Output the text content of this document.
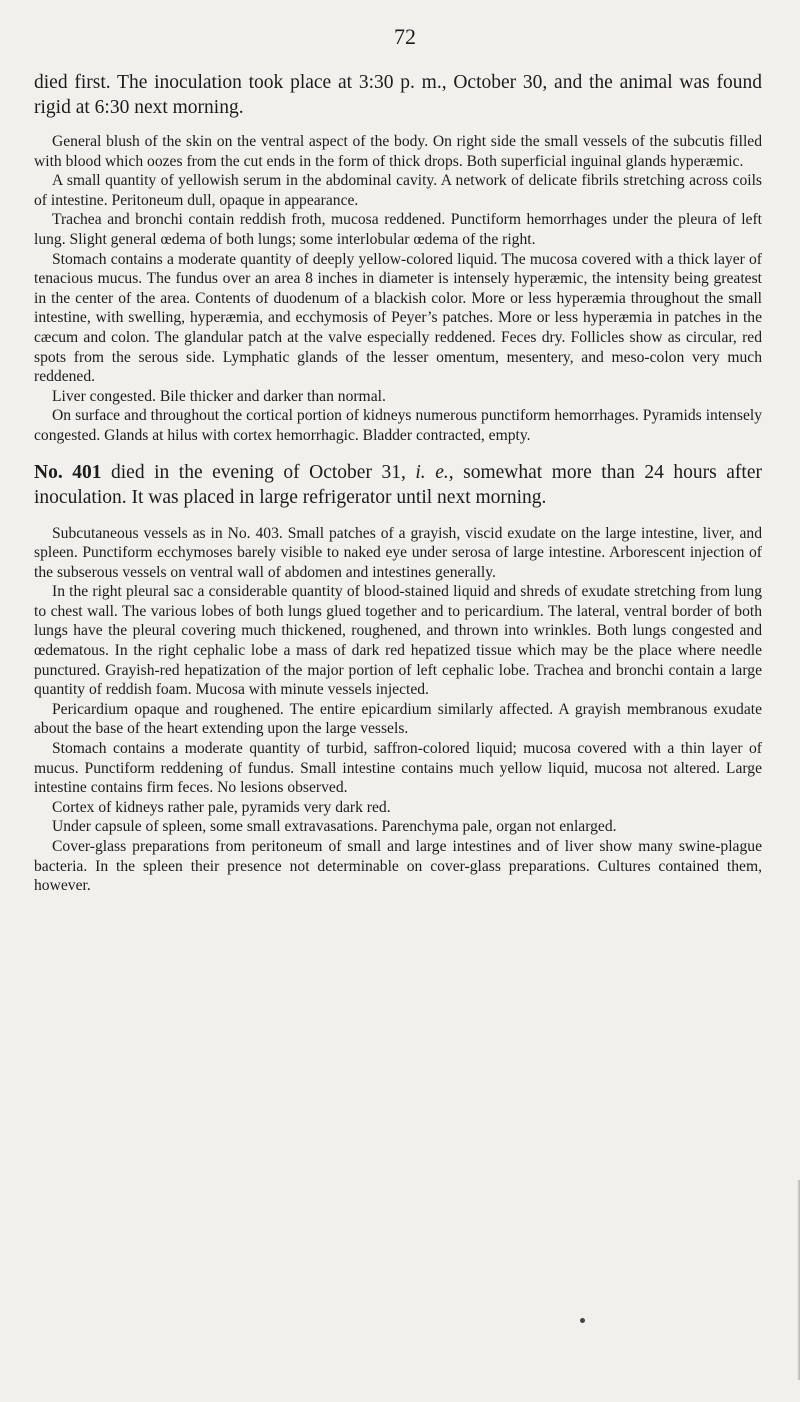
72

died first. The inoculation took place at 3:30 p. m., October 30, and the animal was found rigid at 6:30 next morning.

General blush of the skin on the ventral aspect of the body. On right side the small vessels of the subcutis filled with blood which oozes from the cut ends in the form of thick drops. Both superficial inguinal glands hyperæmic.

A small quantity of yellowish serum in the abdominal cavity. A network of delicate fibrils stretching across coils of intestine. Peritoneum dull, opaque in appearance.

Trachea and bronchi contain reddish froth, mucosa reddened. Punctiform hemorrhages under the pleura of left lung. Slight general œdema of both lungs; some interlobular œdema of the right.

Stomach contains a moderate quantity of deeply yellow-colored liquid. The mucosa covered with a thick layer of tenacious mucus. The fundus over an area 8 inches in diameter is intensely hyperæmic, the intensity being greatest in the center of the area. Contents of duodenum of a blackish color. More or less hyperæmia throughout the small intestine, with swelling, hyperæmia, and ecchymosis of Peyer’s patches. More or less hyperæmia in patches in the cæcum and colon. The glandular patch at the valve especially reddened. Feces dry. Follicles show as circular, red spots from the serous side. Lymphatic glands of the lesser omentum, mesentery, and meso-colon very much reddened.

Liver congested. Bile thicker and darker than normal.

On surface and throughout the cortical portion of kidneys numerous punctiform hemorrhages. Pyramids intensely congested. Glands at hilus with cortex hemorrhagic. Bladder contracted, empty.

No. 401 died in the evening of October 31, i. e., somewhat more than 24 hours after inoculation. It was placed in large refrigerator until next morning.

Subcutaneous vessels as in No. 403. Small patches of a grayish, viscid exudate on the large intestine, liver, and spleen. Punctiform ecchymoses barely visible to naked eye under serosa of large intestine. Arborescent injection of the subserous vessels on ventral wall of abdomen and intestines generally.

In the right pleural sac a considerable quantity of blood-stained liquid and shreds of exudate stretching from lung to chest wall. The various lobes of both lungs glued together and to pericardium. The lateral, ventral border of both lungs have the pleural covering much thickened, roughened, and thrown into wrinkles. Both lungs congested and œdematous. In the right cephalic lobe a mass of dark red hepatized tissue which may be the place where needle punctured. Grayish-red hepatization of the major portion of left cephalic lobe. Trachea and bronchi contain a large quantity of reddish foam. Mucosa with minute vessels injected.

Pericardium opaque and roughened. The entire epicardium similarly affected. A grayish membranous exudate about the base of the heart extending upon the large vessels.

Stomach contains a moderate quantity of turbid, saffron-colored liquid; mucosa covered with a thin layer of mucus. Punctiform reddening of fundus. Small intestine contains much yellow liquid, mucosa not altered. Large intestine contains firm feces. No lesions observed.

Cortex of kidneys rather pale, pyramids very dark red.

Under capsule of spleen, some small extravasations. Parenchyma pale, organ not enlarged.

Cover-glass preparations from peritoneum of small and large intestines and of liver show many swine-plague bacteria. In the spleen their presence not determinable on cover-glass preparations. Cultures contained them, however.
